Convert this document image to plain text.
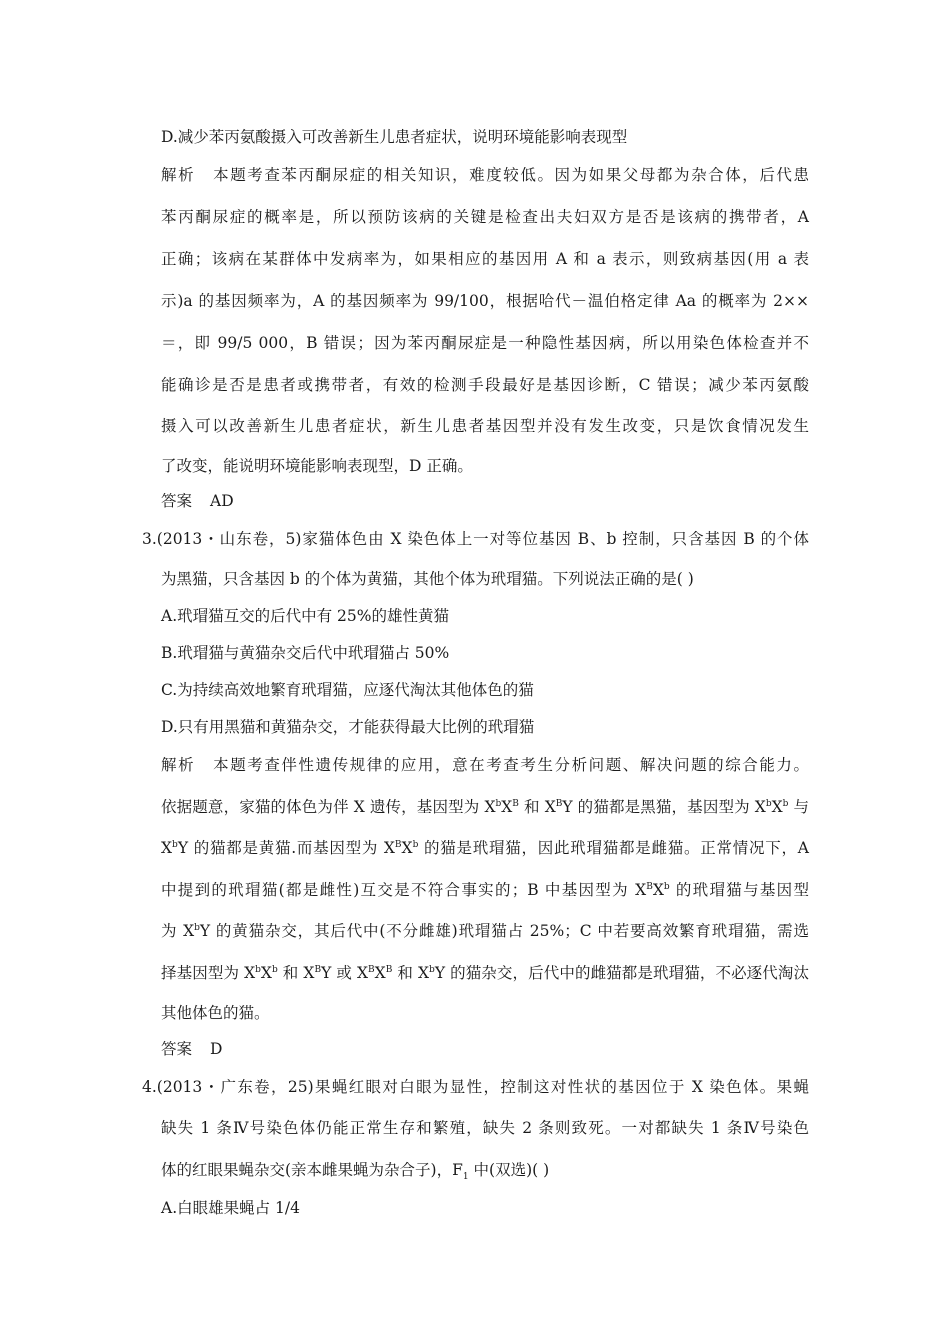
D.减少苯丙氨酸摄入可改善新生儿患者症状，说明环境能影响表现型
解析 本题考查苯丙酮尿症的相关知识，难度较低。因为如果父母都为杂合体，后代患
苯丙酮尿症的概率是，所以预防该病的关键是检查出夫妇双方是否是该病的携带者，A
正确；该病在某群体中发病率为，如果相应的基因用 A 和 a 表示，则致病基因(用 a 表
示)a 的基因频率为，A 的基因频率为 99/100，根据哈代－温伯格定律 Aa 的概率为 2××
＝，即 99/5 000，B 错误；因为苯丙酮尿症是一种隐性基因病，所以用染色体检查并不
能确诊是否是患者或携带者，有效的检测手段最好是基因诊断，C 错误；减少苯丙氨酸
摄入可以改善新生儿患者症状，新生儿患者基因型并没有发生改变，只是饮食情况发生
了改变，能说明环境能影响表现型，D 正确。
答案 AD
3.(2013・山东卷，5)家猫体色由 X 染色体上一对等位基因 B、b 控制，只含基因 B 的个体
为黑猫，只含基因 b 的个体为黄猫，其他个体为玳瑁猫。下列说法正确的是( )
A.玳瑁猫互交的后代中有 25%的雄性黄猫
B.玳瑁猫与黄猫杂交后代中玳瑁猫占 50%
C.为持续高效地繁育玳瑁猫，应逐代淘汰其他体色的猫
D.只有用黑猫和黄猫杂交，才能获得最大比例的玳瑁猫
解析 本题考查伴性遗传规律的应用，意在考查考生分析问题、解决问题的综合能力。
依据题意，家猫的体色为伴 X 遗传，基因型为 $X^bX^B$ 和 $X^BY$ 的猫都是黑猫，基因型为 $X^bX^b$ 与
$X^bY$ 的猫都是黄猫.而基因型为 $X^BX^b$ 的猫是玳瑁猫，因此玳瑁猫都是雌猫。正常情况下，A
中提到的玳瑁猫(都是雌性)互交是不符合事实的；B 中基因型为 $X^BX^b$ 的玳瑁猫与基因型
为 $X^bY$ 的黄猫杂交，其后代中(不分雌雄)玳瑁猫占 25%；C 中若要高效繁育玳瑁猫，需选
择基因型为 $X^bX^b$ 和 $X^BY$ 或 $X^BX^B$ 和 $X^bY$ 的猫杂交，后代中的雌猫都是玳瑁猫，不必逐代淘汰
其他体色的猫。
答案 D
4.(2013・广东卷，25)果蝇红眼对白眼为显性，控制这对性状的基因位于 X 染色体。果蝇
缺失 1 条Ⅳ号染色体仍能正常生存和繁殖，缺失 2 条则致死。一对都缺失 1 条Ⅳ号染色
体的红眼果蝇杂交(亲本雌果蝇为杂合子)，$F_1$ 中(双选)( )
A.白眼雄果蝇占 1/4
